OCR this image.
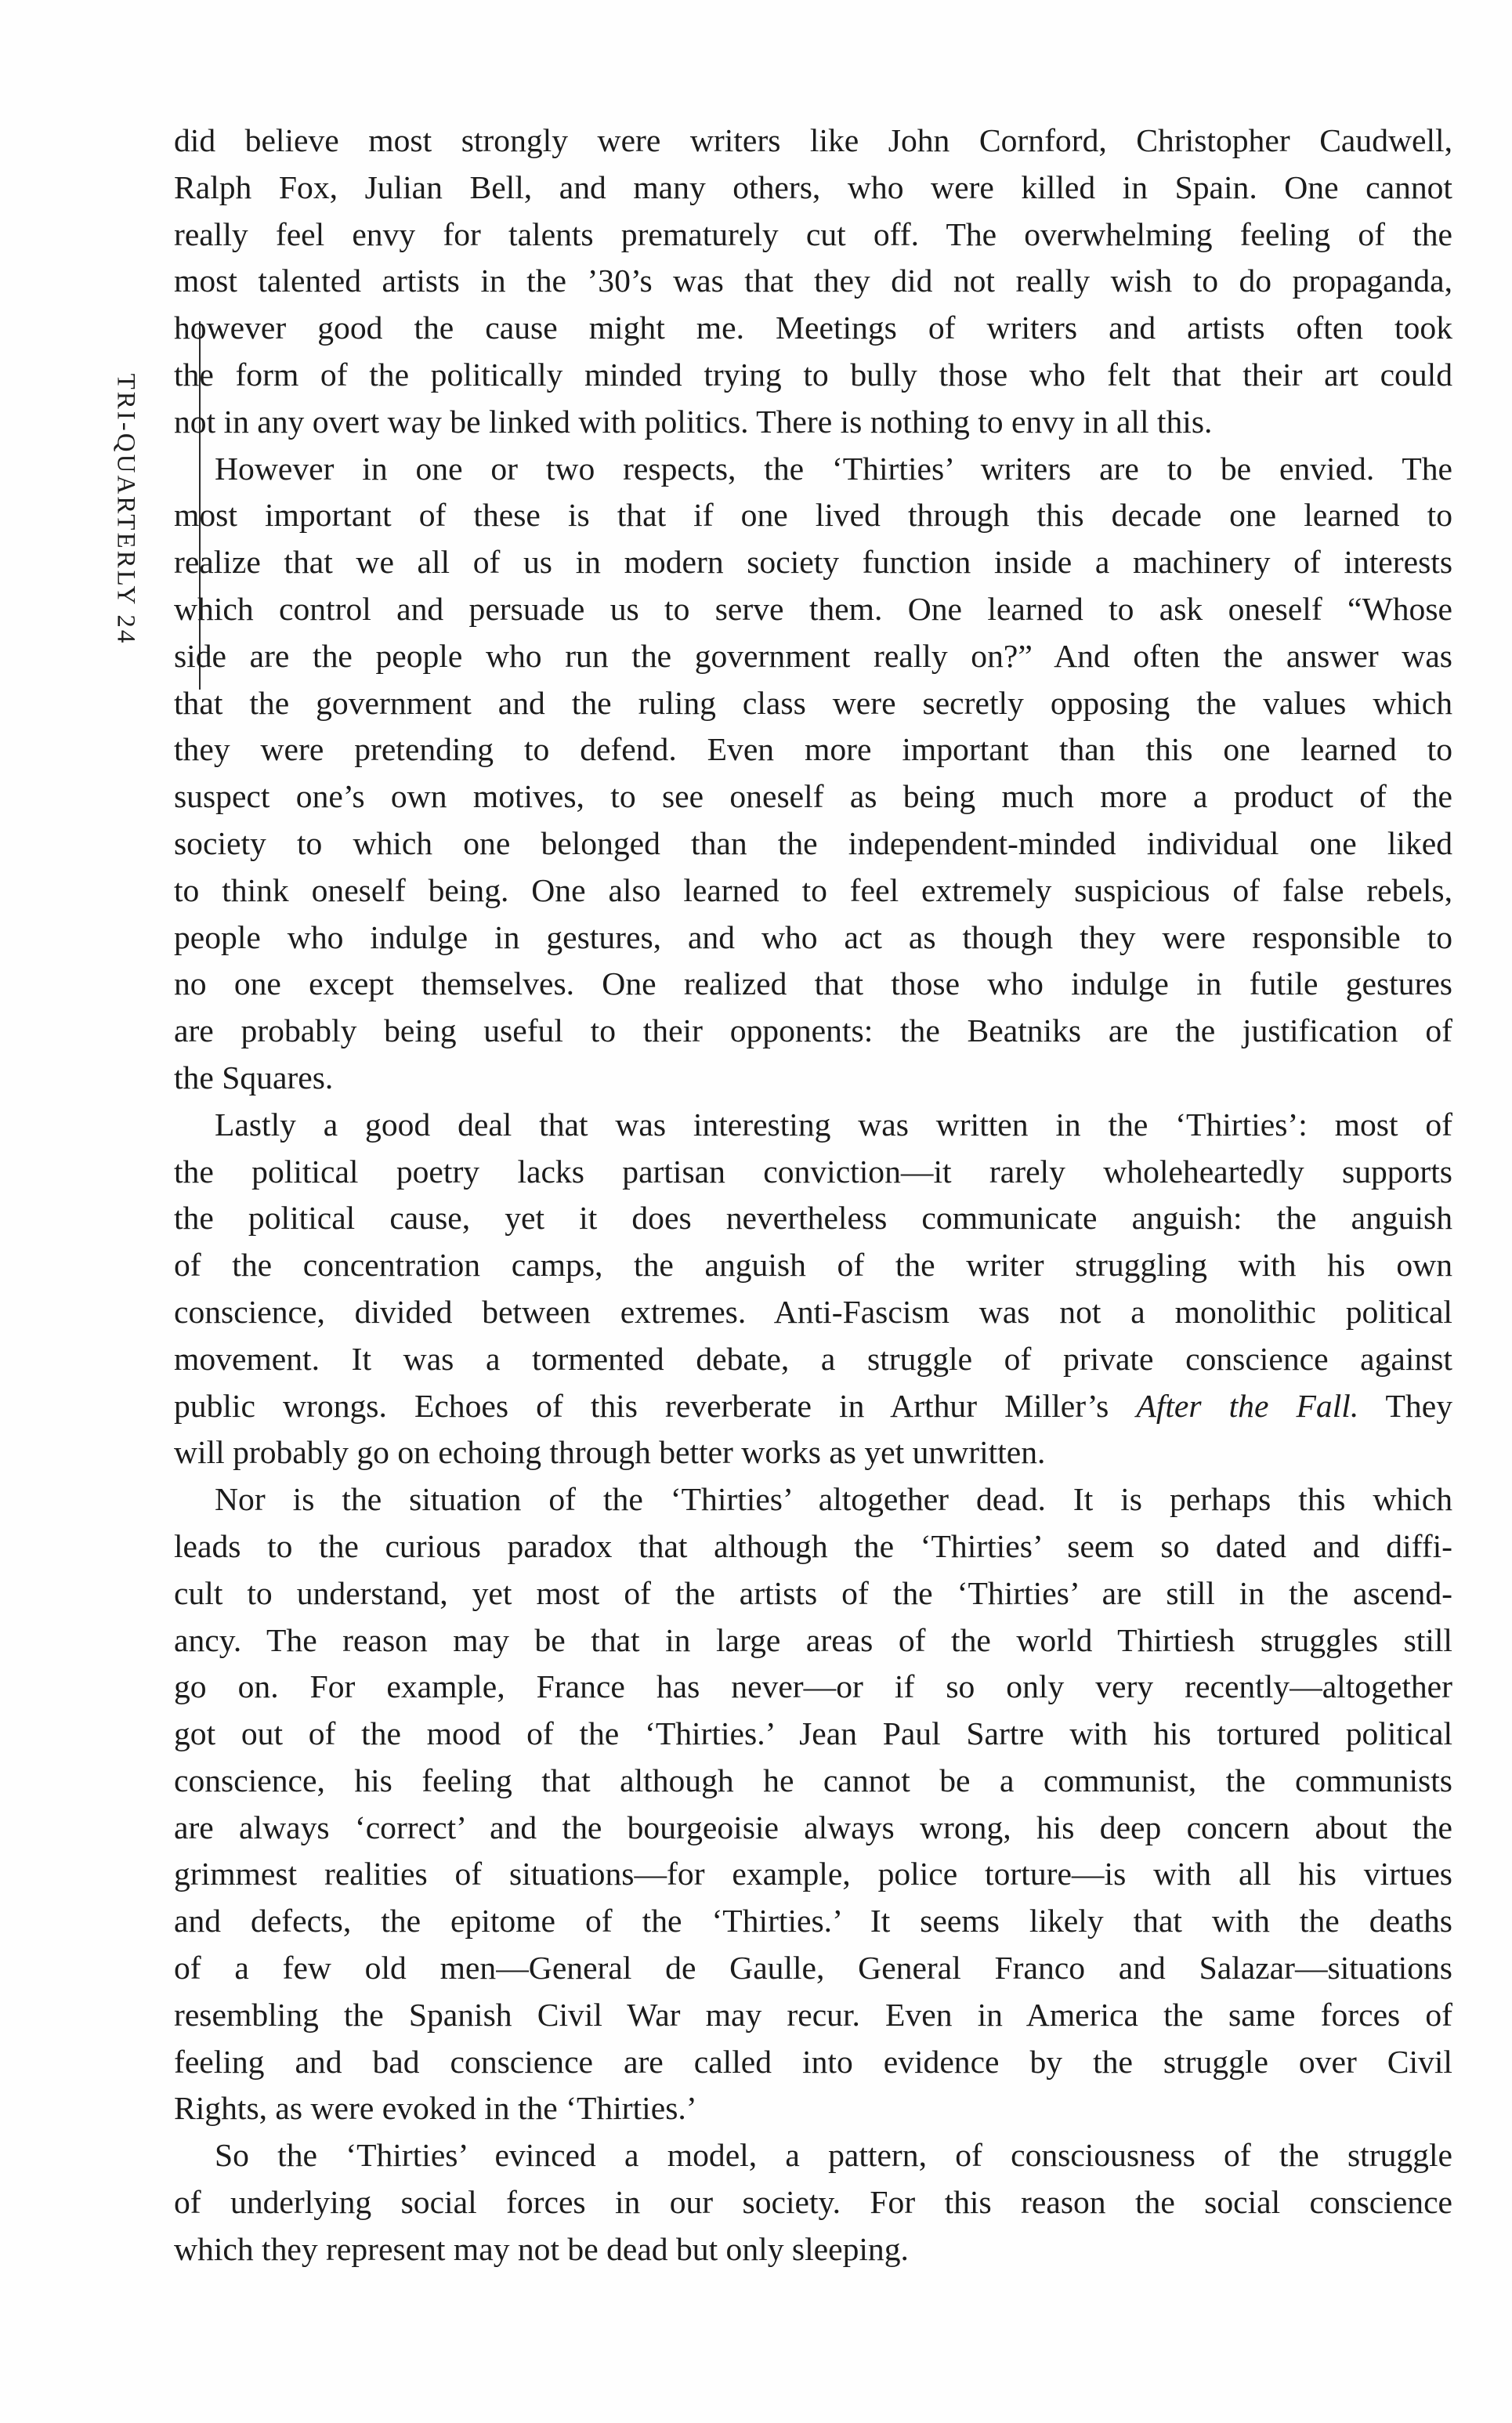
TRI-QUARTERLY 24

did believe most strongly were writers like John Cornford, Christopher Caudwell,

Ralph Fox, Julian Bell, and many others, who were killed in Spain. One cannot

really feel envy for talents prematurely cut off. The overwhelming feeling of the

most talented artists in the ’30’s was that they did not really wish to do propaganda,

however good the cause might me. Meetings of writers and artists often took

the form of the politically minded trying to bully those who felt that their art could

not in any overt way be linked with politics. There is nothing to envy in all this.

However in one or two respects, the ‘Thirties’ writers are to be envied. The

most important of these is that if one lived through this decade one learned to

realize that we all of us in modern society function inside a machinery of interests

which control and persuade us to serve them. One learned to ask oneself “Whose

side are the people who run the government really on?” And often the answer was

that the government and the ruling class were secretly opposing the values which

they were pretending to defend. Even more important than this one learned to

suspect one’s own motives, to see oneself as being much more a product of the

society to which one belonged than the independent-minded individual one liked

to think oneself being. One also learned to feel extremely suspicious of false rebels,

people who indulge in gestures, and who act as though they were responsible to

no one except themselves. One realized that those who indulge in futile gestures

are probably being useful to their opponents: the Beatniks are the justification of

the Squares.

Lastly a good deal that was interesting was written in the ‘Thirties’: most of

the political poetry lacks partisan conviction—it rarely wholeheartedly supports

the political cause, yet it does nevertheless communicate anguish: the anguish

of the concentration camps, the anguish of the writer struggling with his own

conscience, divided between extremes. Anti-Fascism was not a monolithic political

movement. It was a tormented debate, a struggle of private conscience against

public wrongs. Echoes of this reverberate in Arthur Miller’s After the Fall. They

will probably go on echoing through better works as yet unwritten.

Nor is the situation of the ‘Thirties’ altogether dead. It is perhaps this which

leads to the curious paradox that although the ‘Thirties’ seem so dated and diffi-

cult to understand, yet most of the artists of the ‘Thirties’ are still in the ascend-

ancy. The reason may be that in large areas of the world Thirtiesh struggles still

go on. For example, France has never—or if so only very recently—altogether

got out of the mood of the ‘Thirties.’ Jean Paul Sartre with his tortured political

conscience, his feeling that although he cannot be a communist, the communists

are always ‘correct’ and the bourgeoisie always wrong, his deep concern about the

grimmest realities of situations—for example, police torture—is with all his virtues

and defects, the epitome of the ‘Thirties.’ It seems likely that with the deaths

of a few old men—General de Gaulle, General Franco and Salazar—situations

resembling the Spanish Civil War may recur. Even in America the same forces of

feeling and bad conscience are called into evidence by the struggle over Civil

Rights, as were evoked in the ‘Thirties.’

So the ‘Thirties’ evinced a model, a pattern, of consciousness of the struggle

of underlying social forces in our society. For this reason the social conscience

which they represent may not be dead but only sleeping.
